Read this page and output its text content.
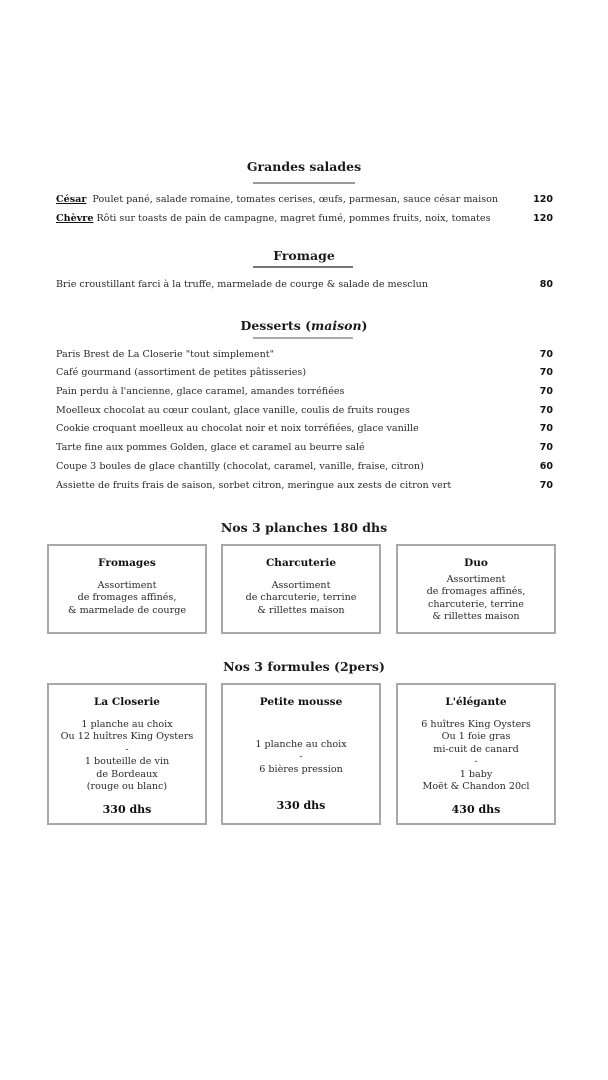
Grandes salades
César Poulet pané, salade romaine, tomates cerises, œufs, parmesan, sauce césar maison	120
Chèvre Rôti sur toasts de pain de campagne, magret fumé, pommes fruits, noix, tomates	120
Fromage
Brie croustillant farci à la truffe, marmelade de courge & salade de mesclun	80
Desserts (maison)
Paris Brest de La Closerie "tout simplement"	70
Café gourmand (assortiment de petites pâtisseries)	70
Pain perdu à l'ancienne, glace caramel, amandes torréfiées	70
Moelleux chocolat au cœur coulant, glace vanille, coulis de fruits rouges	70
Cookie croquant moelleux au chocolat noir et noix torréfiées, glace vanille	70
Tarte fine aux pommes Golden, glace et caramel au beurre salé	70
Coupe 3 boules de glace chantilly (chocolat, caramel, vanille, fraise, citron)	60
Assiette de fruits frais de saison, sorbet citron, meringue aux zests de citron vert	70
Nos 3 planches 180 dhs
Fromages
Assortiment
de fromages affinés,
& marmelade de courge
Charcuterie
Assortiment
de charcuterie, terrine
& rillettes maison
Duo
Assortiment
de fromages affinés,
charcuterie, terrine
& rillettes maison
Nos 3 formules (2pers)
La Closerie
1 planche au choix
Ou 12 huîtres King Oysters
-
1 bouteille de vin
de Bordeaux
(rouge ou blanc)
330 dhs
Petite mousse
1 planche au choix
-
6 bières pression
330 dhs
L'élégante
6 huîtres King Oysters
Ou 1 foie gras
mi-cuit de canard
-
1 baby
Moët & Chandon 20cl
430 dhs
